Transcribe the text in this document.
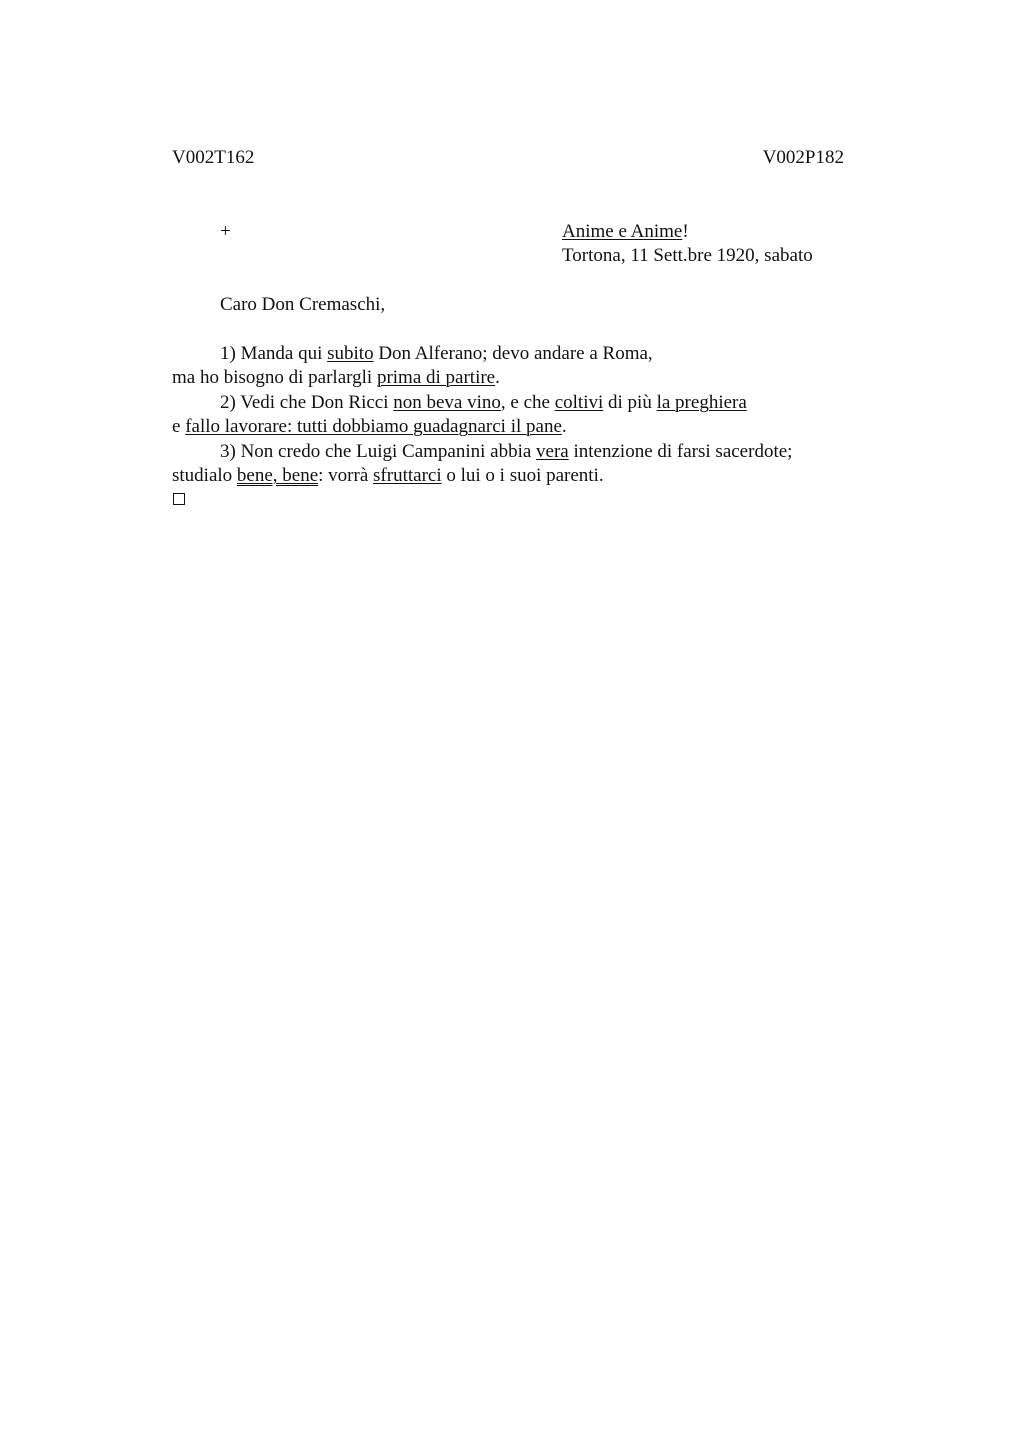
V002T162	V002P182
+	Anime e Anime!
Tortona, 11 Sett.bre 1920, sabato
Caro Don Cremaschi,
1) Manda qui subito Don Alferano; devo andare a Roma,
ma ho bisogno di parlargli prima di partire.
2) Vedi che Don Ricci non beva vino, e che coltivi di più la preghiera
e fallo lavorare: tutti dobbiamo guadagnarci il pane.
3) Non credo che Luigi Campanini abbia vera intenzione di farsi sacerdote;
studialo bene, bene: vorrà sfruttarci o lui o i suoi parenti.
